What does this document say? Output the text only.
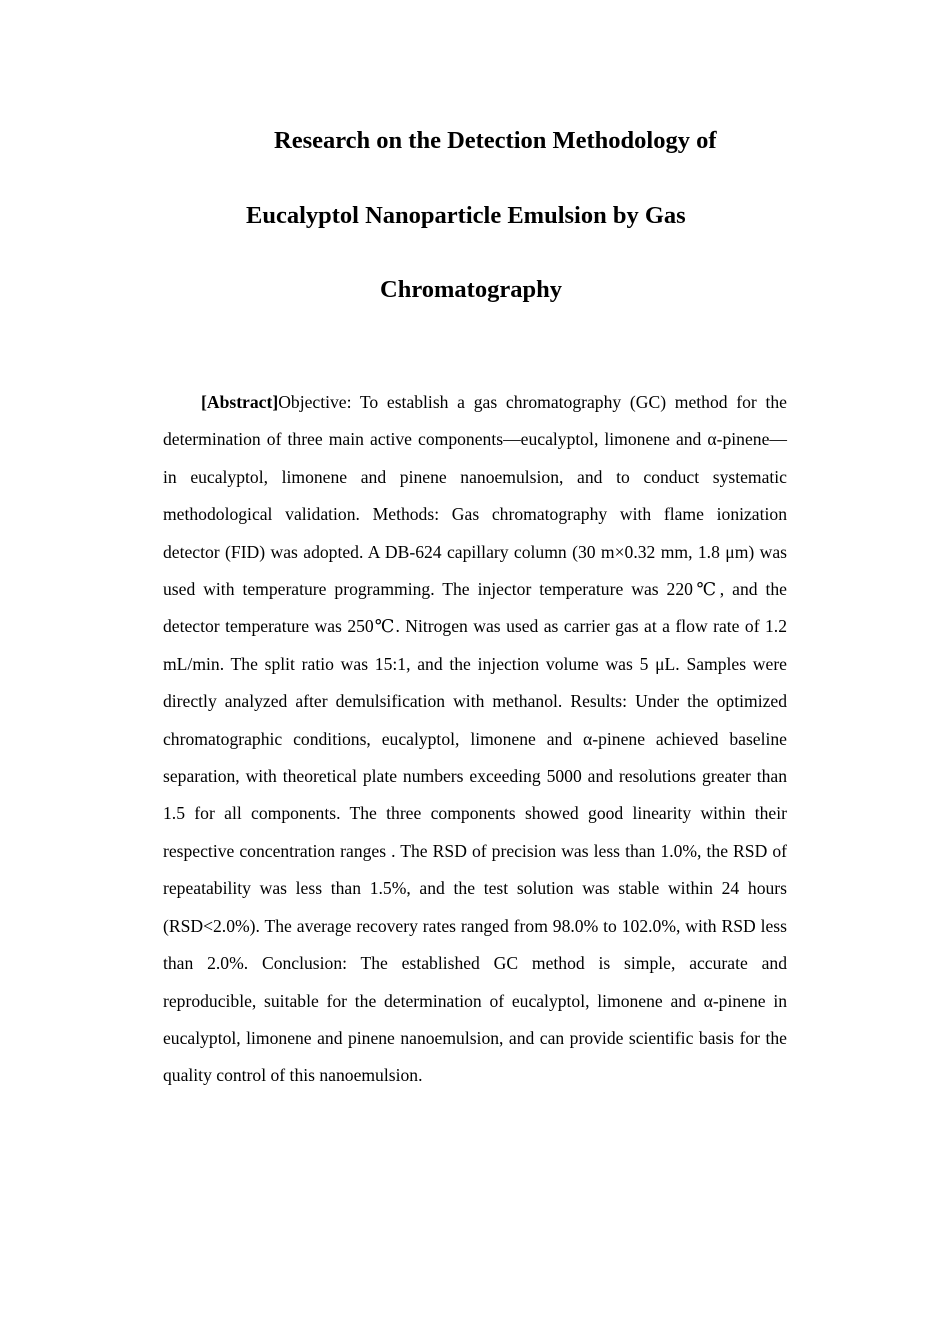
Research on the Detection Methodology of
Eucalyptol Nanoparticle Emulsion by Gas
Chromatography

[Abstract]Objective: To establish a gas chromatography (GC) method for the determination of three main active components—eucalyptol, limonene and α-pinene—in eucalyptol, limonene and pinene nanoemulsion, and to conduct systematic methodological validation. Methods: Gas chromatography with flame ionization detector (FID) was adopted. A DB-624 capillary column (30 m×0.32 mm, 1.8 μm) was used with temperature programming. The injector temperature was 220℃, and the detector temperature was 250℃. Nitrogen was used as carrier gas at a flow rate of 1.2 mL/min. The split ratio was 15:1, and the injection volume was 5 μL. Samples were directly analyzed after demulsification with methanol. Results: Under the optimized chromatographic conditions, eucalyptol, limonene and α-pinene achieved baseline separation, with theoretical plate numbers exceeding 5000 and resolutions greater than 1.5 for all components. The three components showed good linearity within their respective concentration ranges . The RSD of precision was less than 1.0%, the RSD of repeatability was less than 1.5%, and the test solution was stable within 24 hours (RSD<2.0%). The average recovery rates ranged from 98.0% to 102.0%, with RSD less than 2.0%. Conclusion: The established GC method is simple, accurate and reproducible, suitable for the determination of eucalyptol, limonene and α-pinene in eucalyptol, limonene and pinene nanoemulsion, and can provide scientific basis for the quality control of this nanoemulsion.
